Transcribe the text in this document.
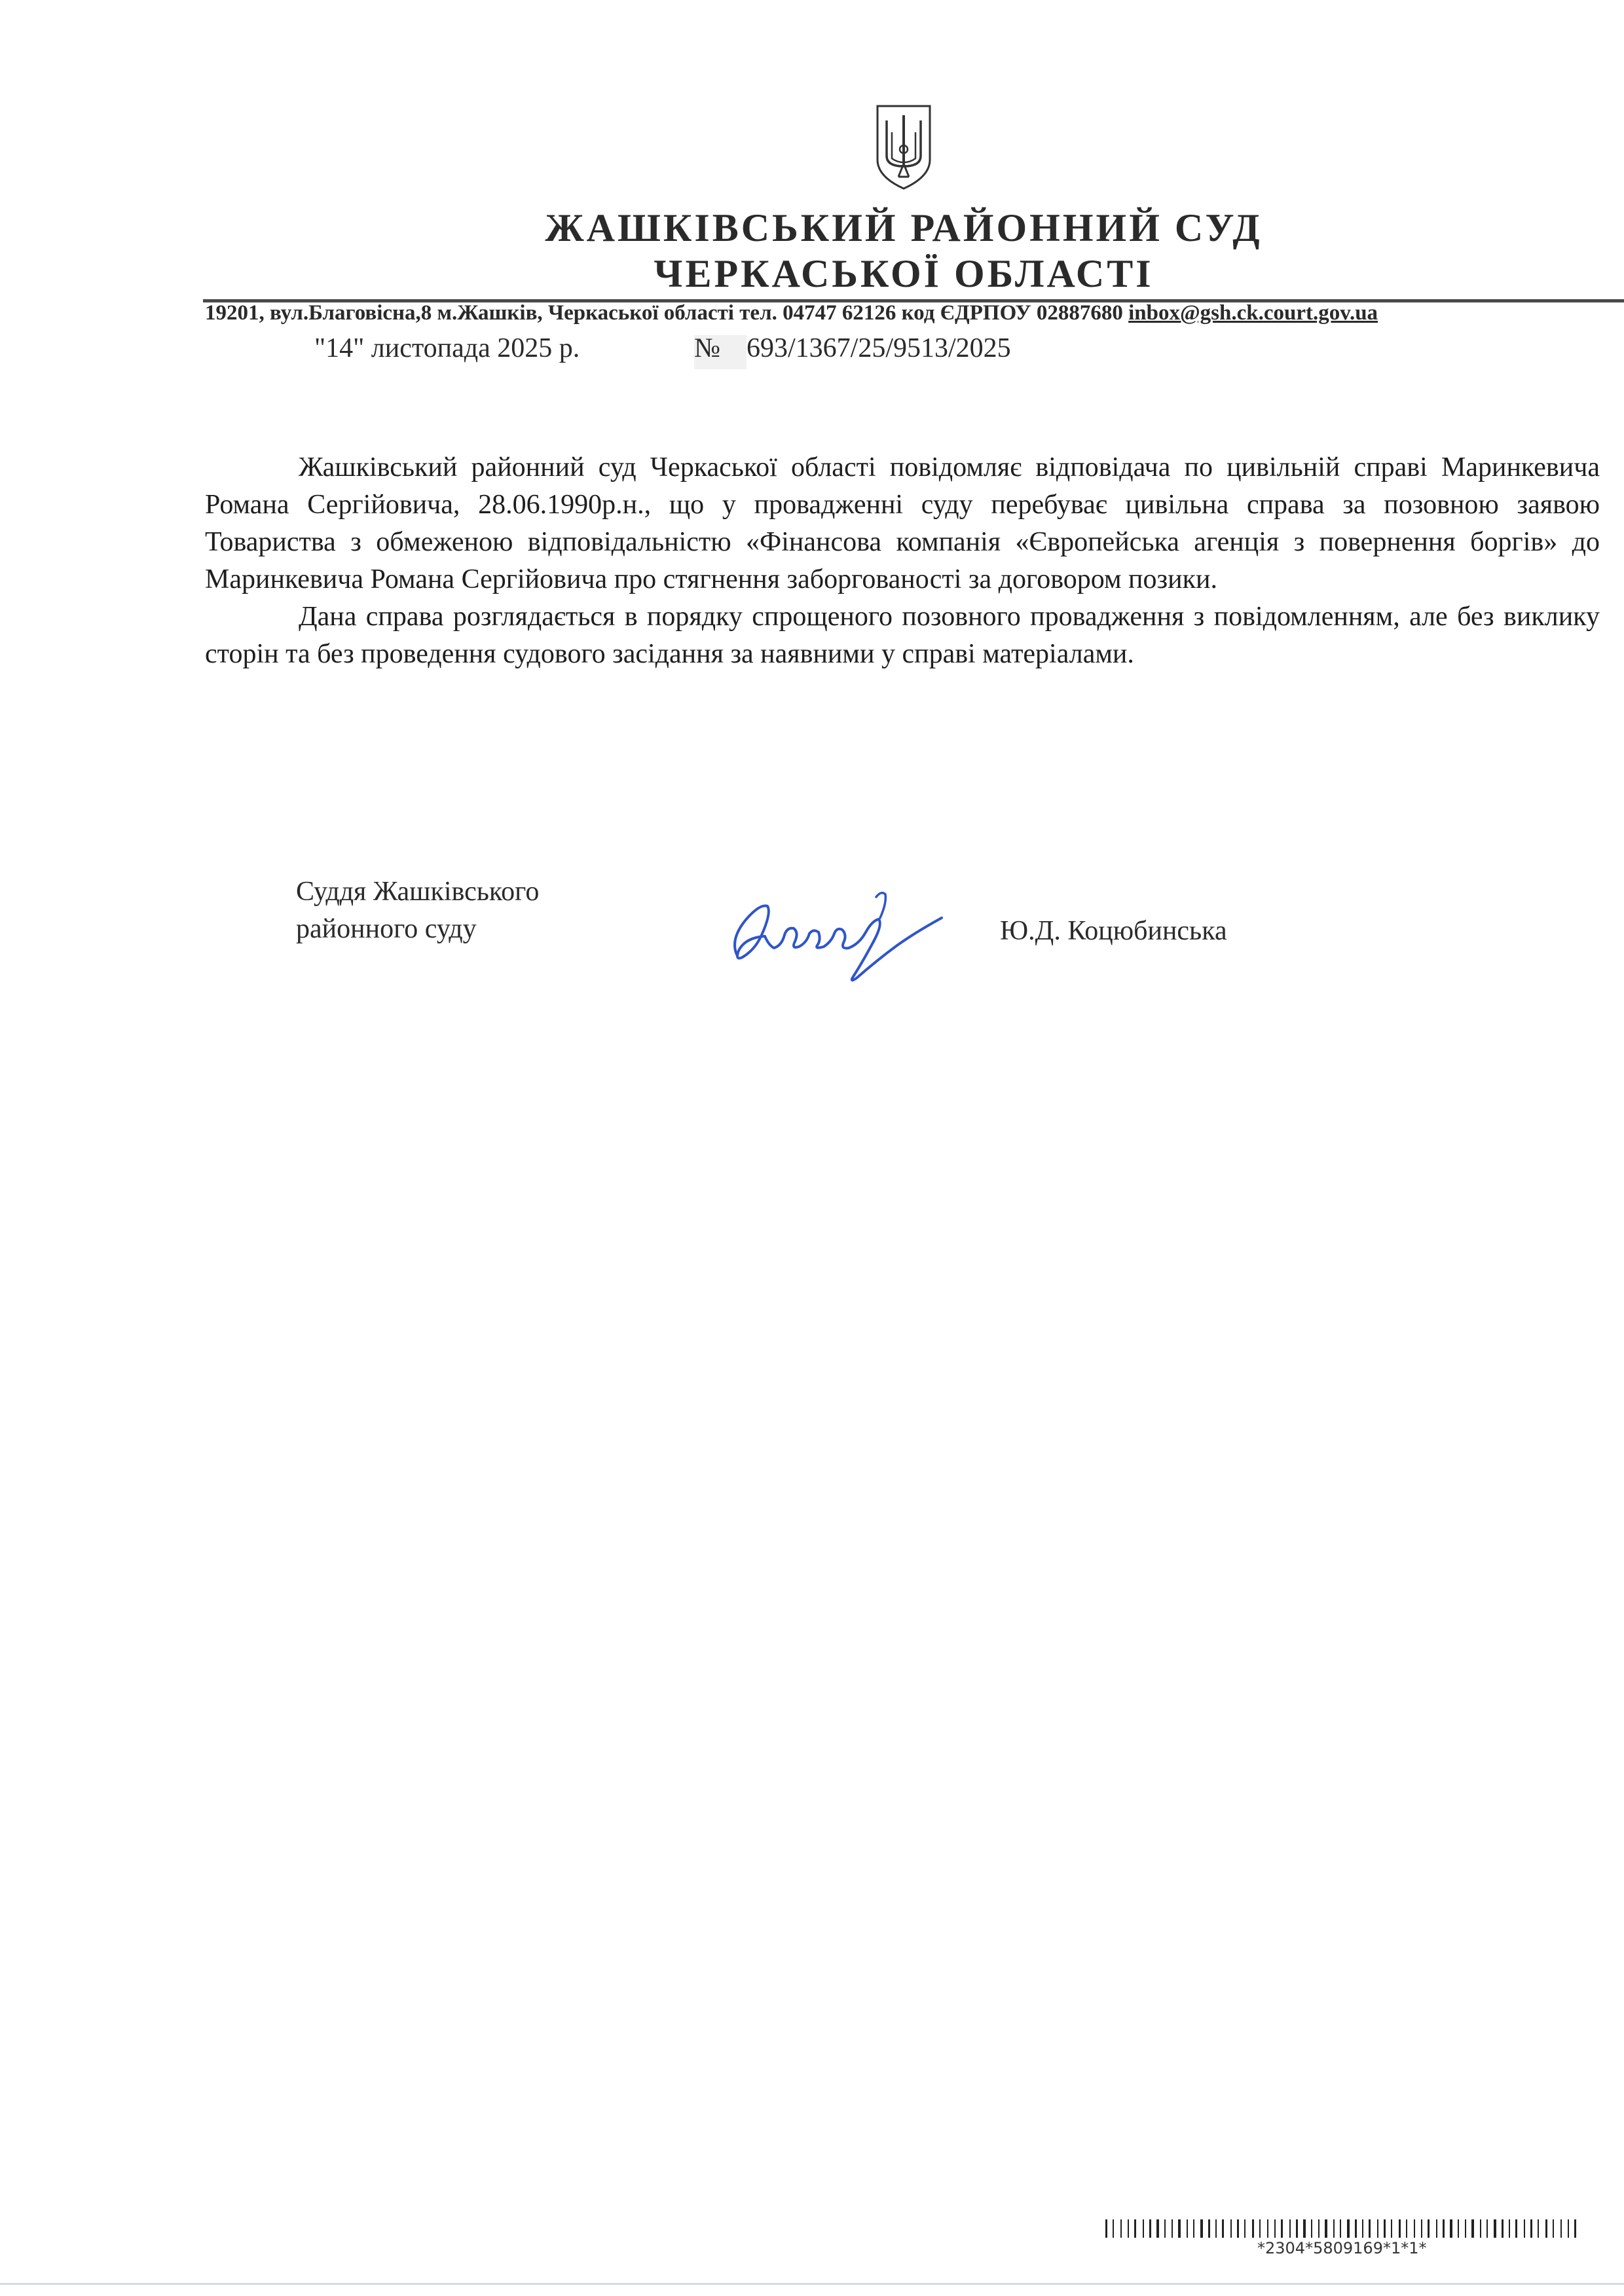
ЖАШКІВСЬКИЙ РАЙОННИЙ СУД
ЧЕРКАСЬКОЇ ОБЛАСТІ
19201, вул.Благовісна,8 м.Жашків, Черкаської області тел. 04747 62126 код ЄДРПОУ 02887680 inbox@gsh.ck.court.gov.ua
"14" листопада 2025 р.	№ 693/1367/25/9513/2025

Жашківський районний суд Черкаської області повідомляє відповідача по цивільній справі Маринкевича Романа Сергійовича, 28.06.1990р.н., що у провадженні суду перебуває цивільна справа за позовною заявою Товариства з обмеженою відповідальністю «Фінансова компанія «Європейська агенція з повернення боргів» до Маринкевича Романа Сергійовича про стягнення заборгованості за договором позики.

Дана справа розглядається в порядку спрощеного позовного провадження з повідомленням, але без виклику сторін та без проведення судового засідання за наявними у справі матеріалами.

Суддя Жашківського
районного суду	Ю.Д. Коцюбинська
*2304*5809169*1*1*
